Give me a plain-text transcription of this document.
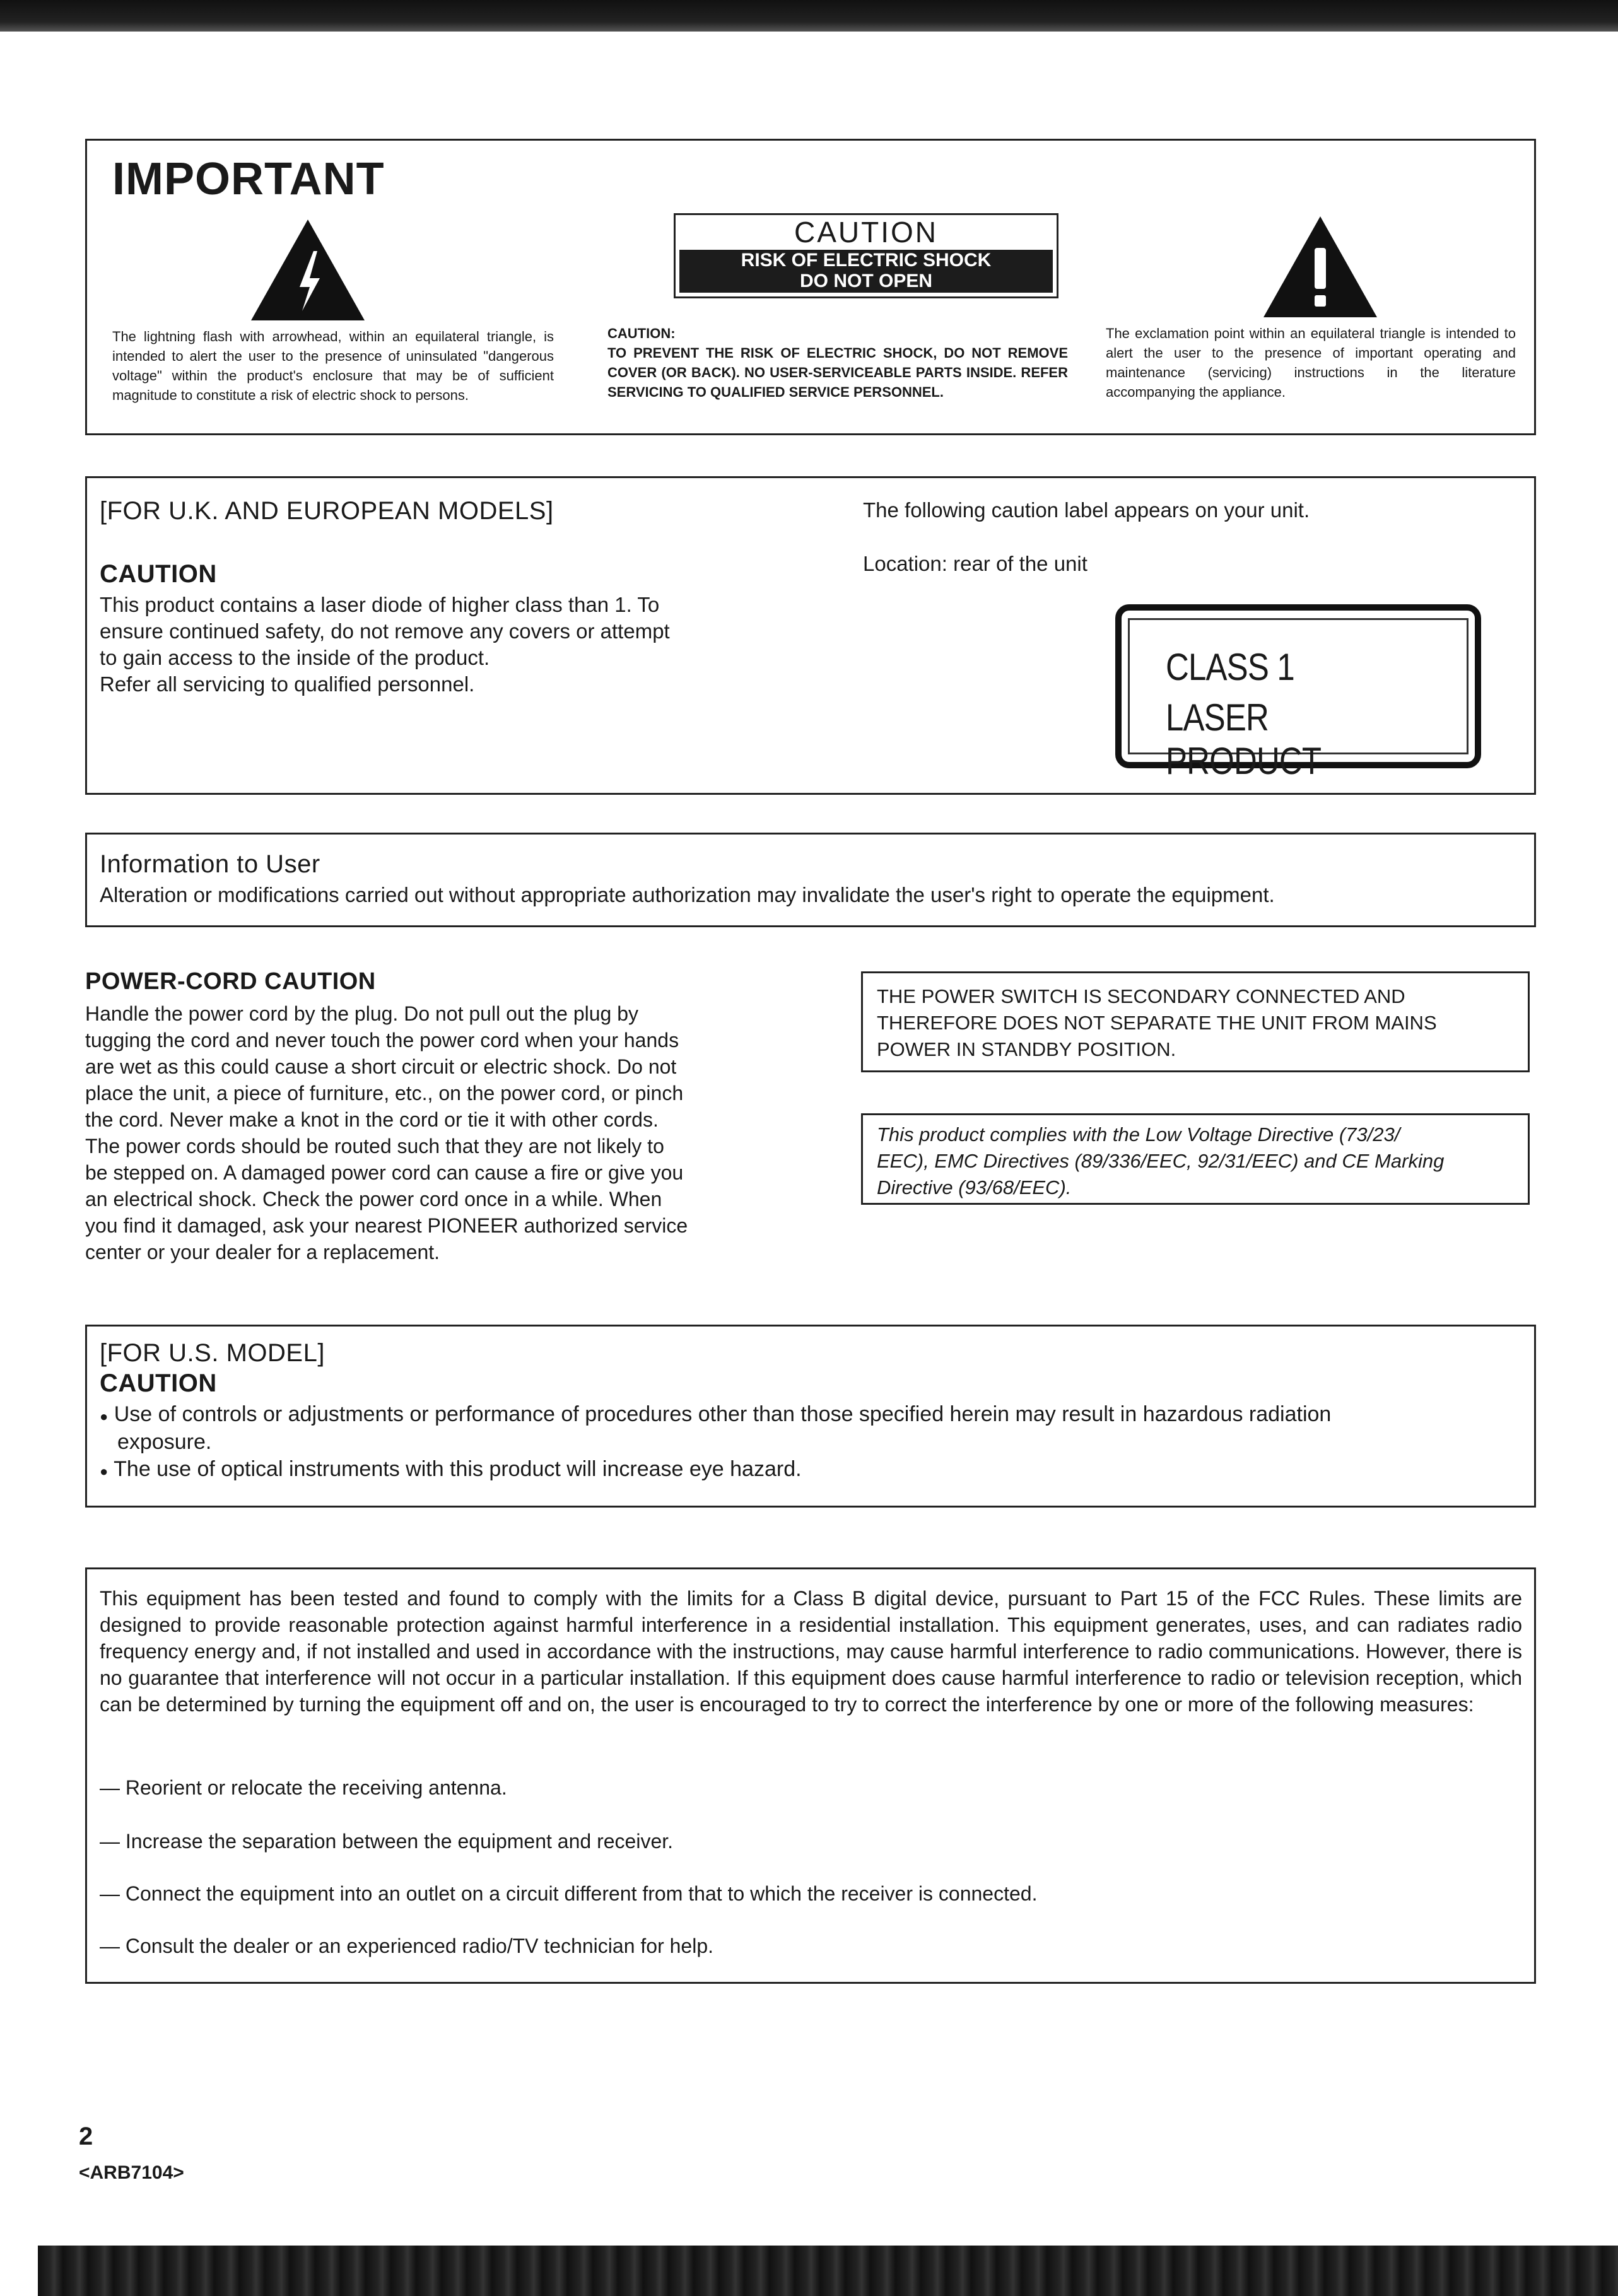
IMPORTANT
CAUTION
RISK OF ELECTRIC SHOCK
DO NOT OPEN
The lightning flash with arrowhead, within an equilateral triangle, is intended to alert the user to the presence of uninsulated "dangerous voltage" within the product's enclosure that may be of sufficient magnitude to constitute a risk of electric shock to persons.
CAUTION:
TO PREVENT THE RISK OF ELECTRIC SHOCK, DO NOT REMOVE COVER (OR BACK). NO USER-SERVICEABLE PARTS INSIDE. REFER SERVICING TO QUALIFIED SERVICE PERSONNEL.
The exclamation point within an equilateral triangle is intended to alert the user to the presence of important operating and maintenance (servicing) instructions in the literature accompanying the appliance.
[FOR U.K. AND EUROPEAN MODELS]
CAUTION
This product contains a laser diode of higher class than 1. To
ensure continued safety, do not remove any covers or attempt
to gain access to the inside of the product.
Refer all servicing to qualified personnel.
The following caution label appears on your unit.
Location: rear of the unit
CLASS 1
LASER PRODUCT
Information to User
Alteration or modifications carried out without appropriate authorization may invalidate the user's right to operate the equipment.
POWER-CORD CAUTION
Handle the power cord by the plug. Do not pull out the plug by
tugging the cord and never touch the power cord when your hands
are wet as this could cause a short circuit or electric shock. Do not
place the unit, a piece of furniture, etc., on the power cord, or pinch
the cord. Never make a knot in the cord or tie it with other cords.
The power cords should be routed such that they are not likely to
be stepped on. A damaged power cord can cause a fire or give you
an electrical shock. Check the power cord once in a while. When
you find it damaged, ask your nearest PIONEER authorized service
center or your dealer for a replacement.
THE POWER SWITCH IS SECONDARY CONNECTED AND
THEREFORE DOES NOT SEPARATE THE UNIT FROM MAINS
POWER IN STANDBY POSITION.
This product complies with the Low Voltage Directive (73/23/
EEC), EMC Directives (89/336/EEC, 92/31/EEC) and CE Marking
Directive (93/68/EEC).
[FOR U.S. MODEL]
CAUTION
● Use of controls or adjustments or performance of procedures other than those specified herein may result in hazardous radiation
exposure.
● The use of optical instruments with this product will increase eye hazard.
This equipment has been tested and found to comply with the limits for a Class B digital device, pursuant to Part 15 of the FCC Rules. These limits are designed to provide reasonable protection against harmful interference in a residential installation. This equipment generates, uses, and can radiates radio frequency energy and, if not installed and used in accordance with the instructions, may cause harmful interference to radio communications. However, there is no guarantee that interference will not occur in a particular installation. If this equipment does cause harmful interference to radio or television reception, which can be determined by turning the equipment off and on, the user is encouraged to try to correct the interference by one or more of the following measures:
— Reorient or relocate the receiving antenna.
— Increase the separation between the equipment and receiver.
— Connect the equipment into an outlet on a circuit different from that to which the receiver is connected.
— Consult the dealer or an experienced radio/TV technician for help.
2
<ARB7104>
